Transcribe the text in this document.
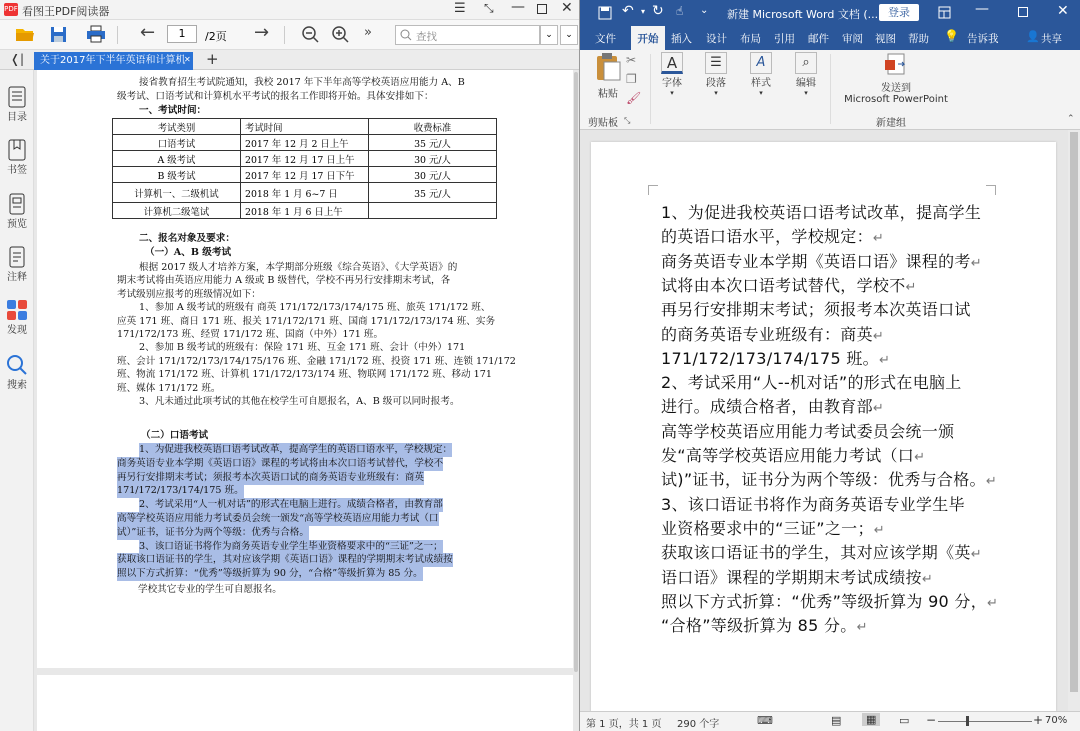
PDF 看图王PDF阅读器	☰ ⤡ —	✕
←	1	/2页 →	»	查找	⌄	⌄
❬|	关于2017年下半年英语和计算机
✕ +
目录
书签
预览
注释
发现
搜索
接省教育招生考试院通知，我校 2017 年下半年高等学校英语应用能力 A、B
级考试、口语考试和计算机水平考试的报名工作即将开始。具体安排如下：
一、考试时间：
考试类别	考试时间	收费标准
口语考试	2017 年 12 月 2 日上午	35 元/人
A 级考试	2017 年 12 月 17 日上午	30 元/人
B 级考试	2017 年 12 月 17 日下午	30 元/人
计算机一、二级机试	2018 年 1 月 6~7 日	35 元/人
计算机二级笔试	2018 年 1 月 6 日上午	
二、报名对象及要求：
（一）A、B 级考试
根据 2017 级人才培养方案，本学期部分班级《综合英语》、《大学英语》的
期末考试将由英语应用能力 A 级或 B 级替代，学校不再另行安排期末考试，各
考试级别应报考的班级情况如下：
1、参加 A 级考试的班级有 商英 171/172/173/174/175 班、旅英 171/172 班、
应英 171 班、商日 171 班、报关 171/172/171 班、国商 171/172/173/174 班、实务
171/172/173 班、经贸 171/172 班、国商（中外）171 班。
2、参加 B 级考试的班级有：保险 171 班、互金 171 班、会计（中外）171
班、会计 171/172/173/174/175/176 班、金融 171/172 班、投资 171 班、连锁 171/172
班、物流 171/172 班、计算机 171/172/173/174 班、物联网 171/172 班、移动 171
班、媒体 171/172 班。
3、凡未通过此项考试的其他在校学生可自愿报名，A、B 级可以同时报考。
（二）口语考试
1、为促进我校英语口语考试改革，提高学生的英语口语水平，学校规定：
商务英语专业本学期《英语口语》课程的考试将由本次口语考试替代，学校不
再另行安排期末考试；须报考本次英语口试的商务英语专业班级有：商英
171/172/173/174/175 班。
2、考试采用“人一机对话”的形式在电脑上进行。成绩合格者，由教育部
高等学校英语应用能力考试委员会统一颁发“高等学校英语应用能力考试（口
试）”证书，证书分为两个等级：优秀与合格。
3、该口语证书将作为商务英语专业学生毕业资格要求中的“三证”之一；
获取该口语证书的学生，其对应该学期《英语口语》课程的学期期末考试成绩按
照以下方式折算：“优秀”等级折算为 90 分，“合格”等级折算为 85 分。
学校其它专业的学生可自愿报名。
↶ ▾ ↻ ☝ ⌄ 新建 Microsoft Word 文档 (... 登录	—	✕
文件	开始	插入 设计 布局 引用 邮件 审阅 视图 帮助 💡 告诉我	👤 共享
粘贴
✂
❐
🖌
剪贴板 ⤡
A
字体
▾
☰
段落
▾
A
样式
▾
⌕
编辑
▾	发送到
Microsoft PowerPoint
新建组	⌃
1、为促进我校英语口语考试改革，提高学生
的英语口语水平，学校规定：↵
商务英语专业本学期《英语口语》课程的考↵
试将由本次口语考试替代，学校不↵
再另行安排期末考试；须报考本次英语口试
的商务英语专业班级有：商英↵
171/172/173/174/175 班。↵
2、考试采用“人--机对话”的形式在电脑上
进行。成绩合格者，由教育部↵
高等学校英语应用能力考试委员会统一颁
发“高等学校英语应用能力考试（口↵
试)”证书，证书分为两个等级：优秀与合格。↵
3、该口语证书将作为商务英语专业学生毕
业资格要求中的“三证”之一；↵
获取该口语证书的学生，其对应该学期《英↵
语口语》课程的学期期末考试成绩按↵
照以下方式折算：“优秀”等级折算为 90 分，↵
“合格”等级折算为 85 分。↵
第 1 页，共 1 页 290 个字	⌨	▤	▦	▭ −	+ 70%
